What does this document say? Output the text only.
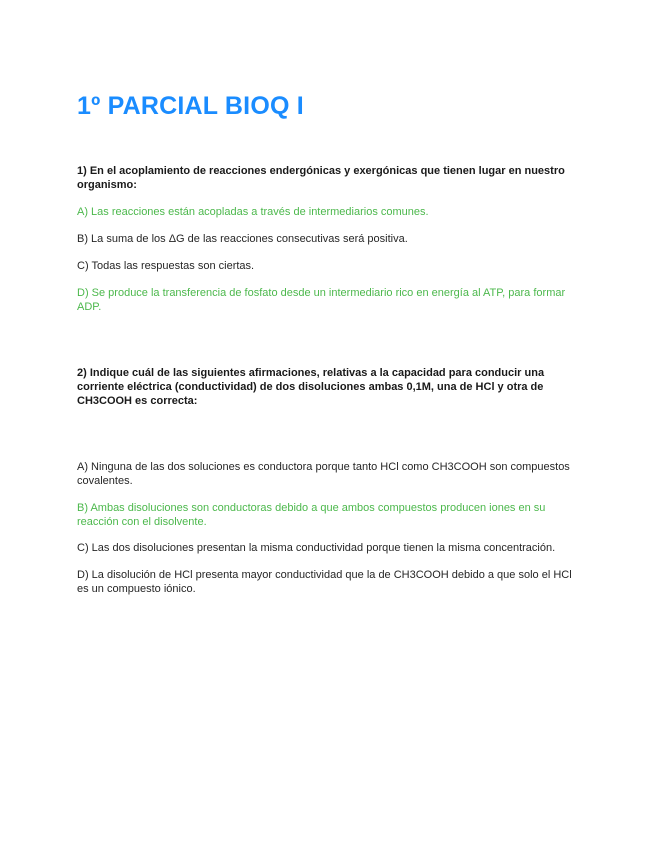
1º PARCIAL BIOQ I

1) En el acoplamiento de reacciones endergónicas y exergónicas que tienen lugar en nuestro organismo:

A) Las reacciones están acopladas a través de intermediarios comunes.

B) La suma de los ΔG de las reacciones consecutivas será positiva.

C) Todas las respuestas son ciertas.

D) Se produce la transferencia de fosfato desde un intermediario rico en energía al ATP, para formar ADP.

2) Indique cuál de las siguientes afirmaciones, relativas a la capacidad para conducir una corriente eléctrica (conductividad) de dos disoluciones ambas 0,1M, una de HCl y otra de CH3COOH es correcta:

A) Ninguna de las dos soluciones es conductora porque tanto HCl como CH3COOH son compuestos covalentes.

B) Ambas disoluciones son conductoras debido a que ambos compuestos producen iones en su reacción con el disolvente.

C) Las dos disoluciones presentan la misma conductividad porque tienen la misma concentración.

D) La disolución de HCl presenta mayor conductividad que la de CH3COOH debido a que solo el HCl es un compuesto iónico.
